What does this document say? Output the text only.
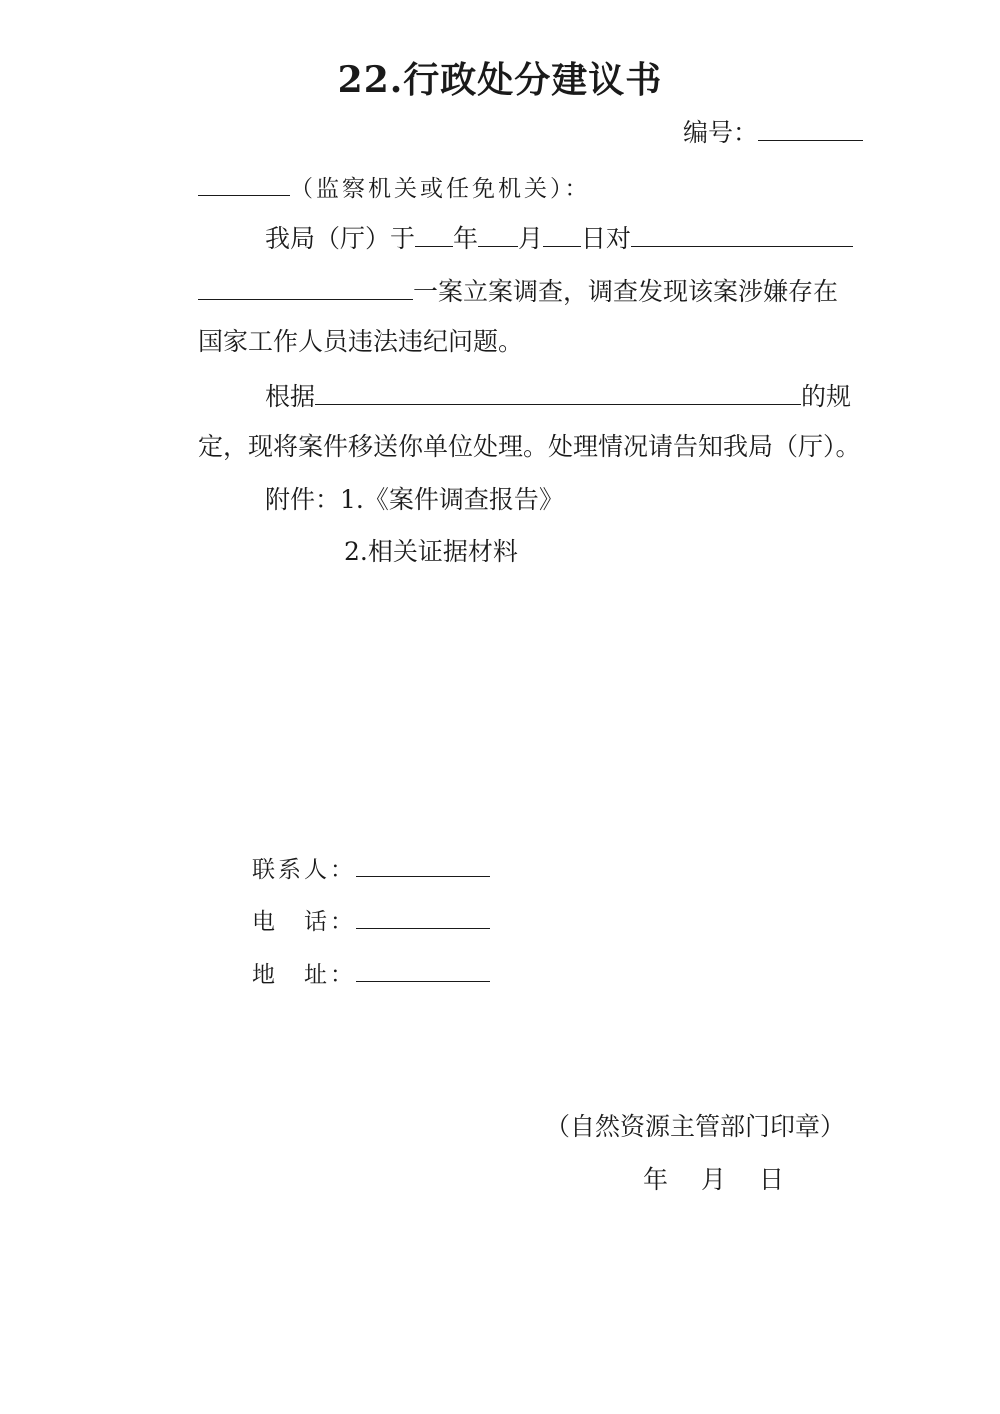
22.行政处分建议书
编号：
（监察机关或任免机关）：
我局（厅）于 年 月 日对
一案立案调查，调查发现该案涉嫌存在
国家工作人员违法违纪问题。
根据	的规
定，现将案件移送你单位处理。处理情况请告知我局（厅）。
附件：1.《案件调查报告》
2.相关证据材料
联系人：
电　话：
地　址：
（自然资源主管部门印章）
年 月 日
